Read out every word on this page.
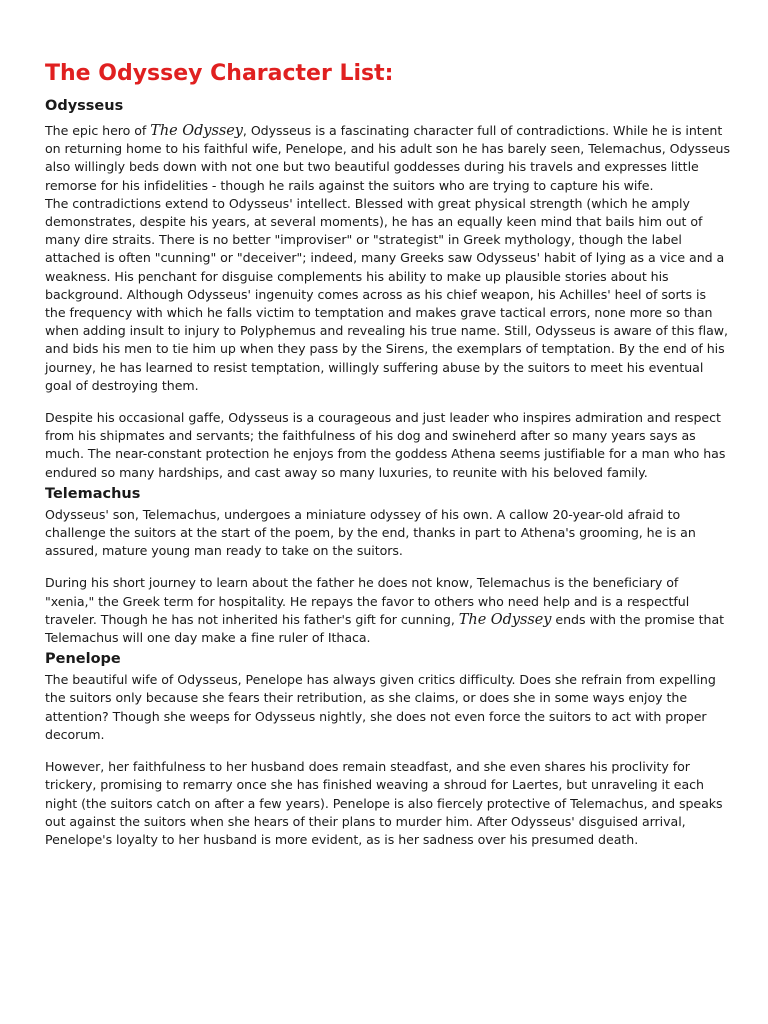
The Odyssey Character List:
Odysseus

The epic hero of The Odyssey, Odysseus is a fascinating character full of contradictions. While he is intent on returning home to his faithful wife, Penelope, and his adult son he has barely seen, Telemachus, Odysseus also willingly beds down with not one but two beautiful goddesses during his travels and expresses little remorse for his infidelities - though he rails against the suitors who are trying to capture his wife.

The contradictions extend to Odysseus' intellect. Blessed with great physical strength (which he amply demonstrates, despite his years, at several moments), he has an equally keen mind that bails him out of many dire straits. There is no better "improviser" or "strategist" in Greek mythology, though the label attached is often "cunning" or "deceiver"; indeed, many Greeks saw Odysseus' habit of lying as a vice and a weakness. His penchant for disguise complements his ability to make up plausible stories about his background. Although Odysseus' ingenuity comes across as his chief weapon, his Achilles' heel of sorts is the frequency with which he falls victim to temptation and makes grave tactical errors, none more so than when adding insult to injury to Polyphemus and revealing his true name. Still, Odysseus is aware of this flaw, and bids his men to tie him up when they pass by the Sirens, the exemplars of temptation. By the end of his journey, he has learned to resist temptation, willingly suffering abuse by the suitors to meet his eventual goal of destroying them.

Despite his occasional gaffe, Odysseus is a courageous and just leader who inspires admiration and respect from his shipmates and servants; the faithfulness of his dog and swineherd after so many years says as much. The near-constant protection he enjoys from the goddess Athena seems justifiable for a man who has endured so many hardships, and cast away so many luxuries, to reunite with his beloved family.

Telemachus

Odysseus' son, Telemachus, undergoes a miniature odyssey of his own. A callow 20-year-old afraid to challenge the suitors at the start of the poem, by the end, thanks in part to Athena's grooming, he is an assured, mature young man ready to take on the suitors.

During his short journey to learn about the father he does not know, Telemachus is the beneficiary of "xenia," the Greek term for hospitality. He repays the favor to others who need help and is a respectful traveler. Though he has not inherited his father's gift for cunning, The Odyssey ends with the promise that Telemachus will one day make a fine ruler of Ithaca.

Penelope

The beautiful wife of Odysseus, Penelope has always given critics difficulty. Does she refrain from expelling the suitors only because she fears their retribution, as she claims, or does she in some ways enjoy the attention? Though she weeps for Odysseus nightly, she does not even force the suitors to act with proper decorum.

However, her faithfulness to her husband does remain steadfast, and she even shares his proclivity for trickery, promising to remarry once she has finished weaving a shroud for Laertes, but unraveling it each night (the suitors catch on after a few years). Penelope is also fiercely protective of Telemachus, and speaks out against the suitors when she hears of their plans to murder him. After Odysseus' disguised arrival, Penelope's loyalty to her husband is more evident, as is her sadness over his presumed death.
